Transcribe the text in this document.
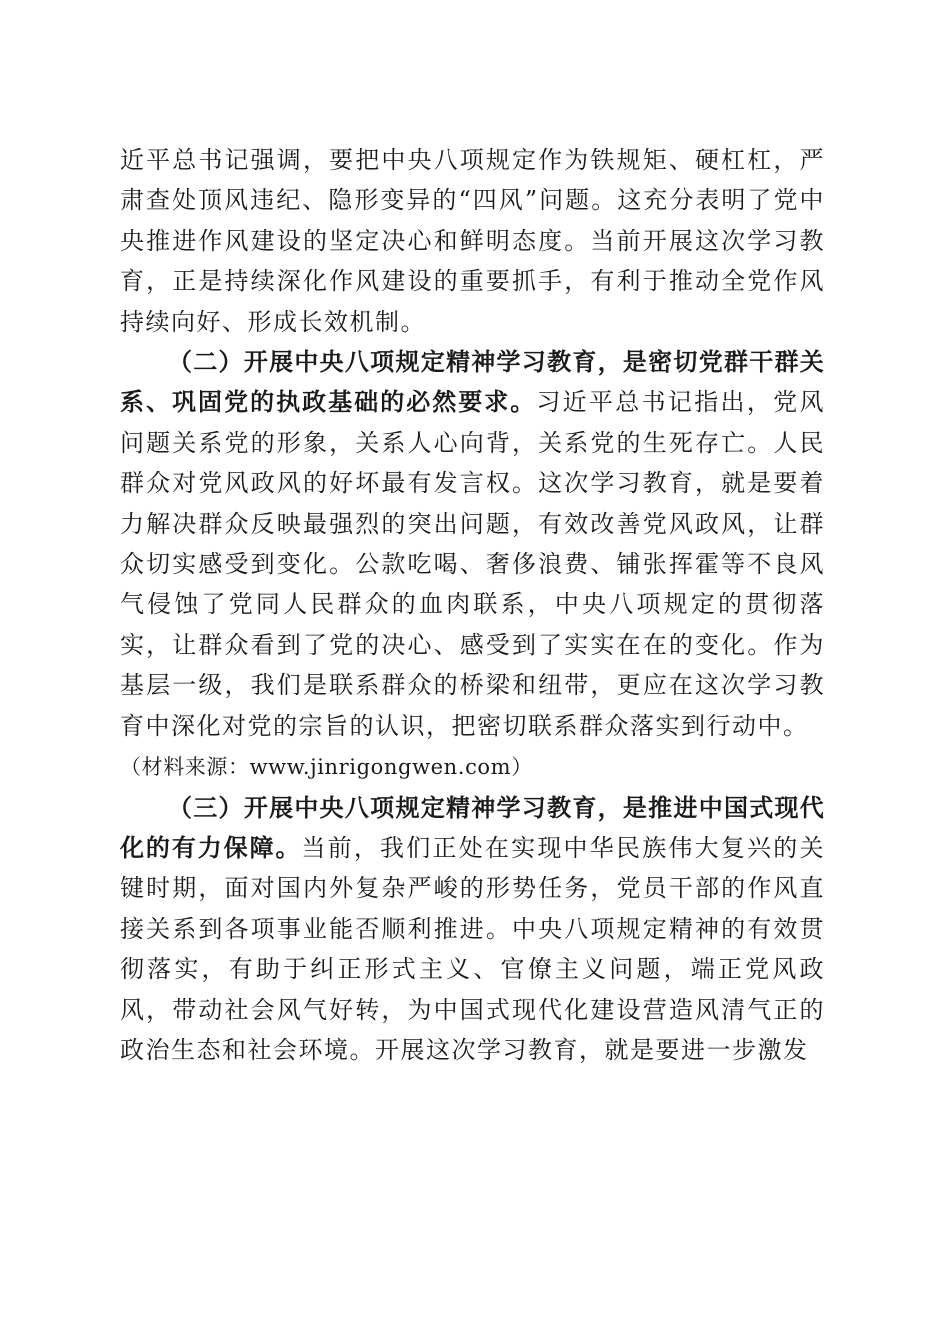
近平总书记强调，要把中央八项规定作为铁规矩、硬杠杠，严肃查处顶风违纪、隐形变异的“四风”问题。这充分表明了党中央推进作风建设的坚定决心和鲜明态度。当前开展这次学习教育，正是持续深化作风建设的重要抓手，有利于推动全党作风持续向好、形成长效机制。

（二）开展中央八项规定精神学习教育，是密切党群干群关系、巩固党的执政基础的必然要求。习近平总书记指出，党风问题关系党的形象，关系人心向背，关系党的生死存亡。人民群众对党风政风的好坏最有发言权。这次学习教育，就是要着力解决群众反映最强烈的突出问题，有效改善党风政风，让群众切实感受到变化。公款吃喝、奢侈浪费、铺张挥霍等不良风气侵蚀了党同人民群众的血肉联系，中央八项规定的贯彻落实，让群众看到了党的决心、感受到了实实在在的变化。作为基层一级，我们是联系群众的桥梁和纽带，更应在这次学习教育中深化对党的宗旨的认识，把密切联系群众落实到行动中。
（材料来源：www.jinrigongwen.com）

（三）开展中央八项规定精神学习教育，是推进中国式现代化的有力保障。当前，我们正处在实现中华民族伟大复兴的关键时期，面对国内外复杂严峻的形势任务，党员干部的作风直接关系到各项事业能否顺利推进。中央八项规定精神的有效贯彻落实，有助于纠正形式主义、官僚主义问题，端正党风政风，带动社会风气好转，为中国式现代化建设营造风清气正的政治生态和社会环境。开展这次学习教育，就是要进一步激发
